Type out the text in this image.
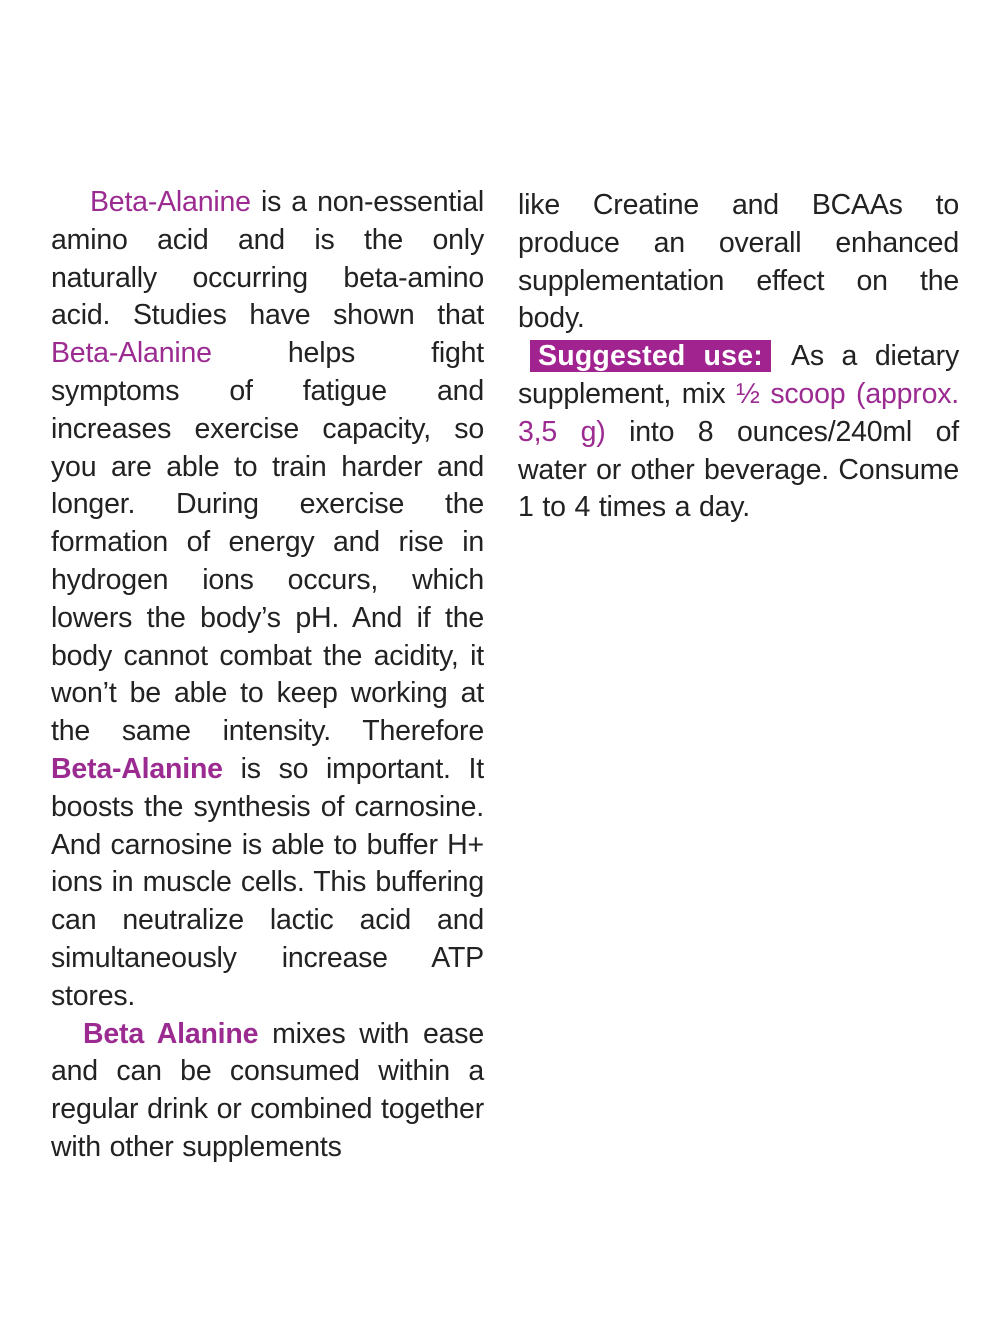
Beta-Alanine is a non-essential amino acid and is the only naturally occurring beta-amino acid. Studies have shown that Beta-Alanine helps fight symptoms of fatigue and increases exercise capacity, so you are able to train harder and longer. During exercise the formation of energy and rise in hydrogen ions occurs, which lowers the body’s pH. And if the body cannot combat the acidity, it won’t be able to keep working at the same intensity. Therefore Beta-Alanine is so important. It boosts the synthesis of carnosine. And carnosine is able to buffer H+ ions in muscle cells. This buffering can neutralize lactic acid and simultaneously increase ATP stores.

Beta Alanine mixes with ease and can be consumed within a regular drink or combined together with other supplements

like Creatine and BCAAs to produce an overall enhanced supplementation effect on the body.

Suggested use: As a dietary supplement, mix ½ scoop (approx. 3,5 g) into 8 ounces/240ml of water or other beverage. Consume 1 to 4 times a day.
